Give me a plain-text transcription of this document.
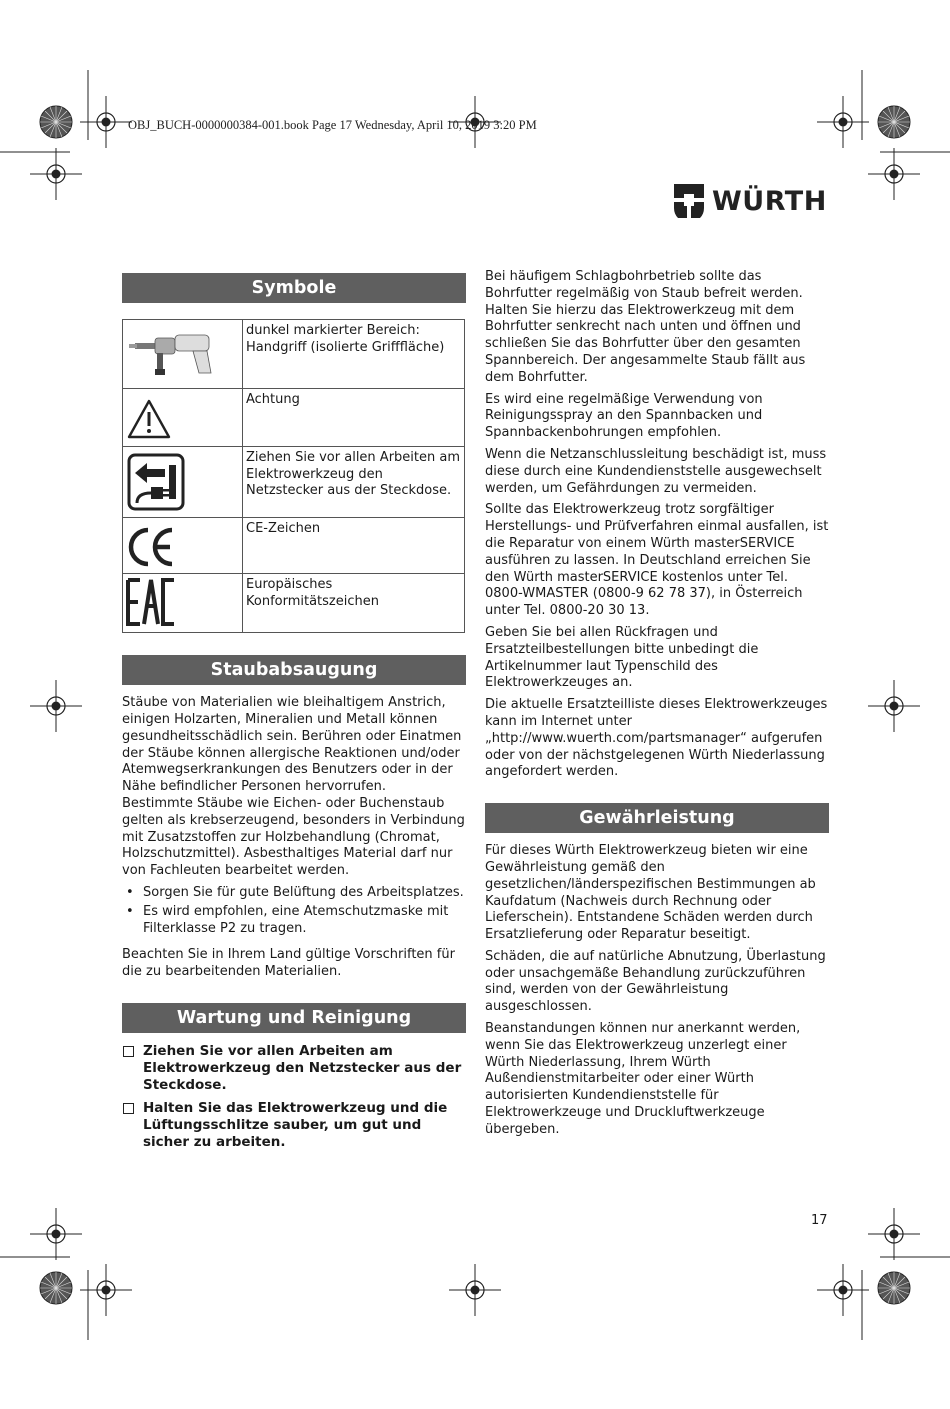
OBJ_BUCH-0000000384-001.book Page 17 Wednesday, April 10, 2019 3:20 PM
WÜRTH
Symbole
	dunkel markierter Bereich: Handgriff (isolierte Grifffläche)
	Achtung
	Ziehen Sie vor allen Arbeiten am Elektrowerkzeug den Netzstecker aus der Steckdose.
	CE-Zeichen
	Europäisches Konformitätszeichen
Staubabsaugung

Stäube von Materialien wie bleihaltigem Anstrich, einigen Holzarten, Mineralien und Metall können gesundheitsschädlich sein. Berühren oder Einatmen der Stäube können allergische Reaktionen und/oder Atemwegserkrankungen des Benutzers oder in der Nähe befindlicher Personen hervorrufen.

Bestimmte Stäube wie Eichen- oder Buchenstaub gelten als krebserzeugend, besonders in Verbindung mit Zusatzstoffen zur Holzbehandlung (Chromat, Holzschutzmittel). Asbesthaltiges Material darf nur von Fachleuten bearbeitet werden.

• Sorgen Sie für gute Belüftung des Arbeitsplatzes.
• Es wird empfohlen, eine Atemschutzmaske mit Filterklasse P2 zu tragen.

Beachten Sie in Ihrem Land gültige Vorschriften für die zu bearbeitenden Materialien.

Wartung und Reinigung
Ziehen Sie vor allen Arbeiten am Elektrowerkzeug den Netzstecker aus der Steckdose.
Halten Sie das Elektrowerkzeug und die Lüftungsschlitze sauber, um gut und sicher zu arbeiten.

Bei häufigem Schlagbohrbetrieb sollte das Bohrfutter regelmäßig von Staub befreit werden. Halten Sie hierzu das Elektrowerkzeug mit dem Bohrfutter senkrecht nach unten und öffnen und schließen Sie das Bohrfutter über den gesamten Spannbereich. Der angesammelte Staub fällt aus dem Bohrfutter.

Es wird eine regelmäßige Verwendung von Reinigungsspray an den Spannbacken und Spannbackenbohrungen empfohlen.

Wenn die Netzanschlussleitung beschädigt ist, muss diese durch eine Kundendienststelle ausgewechselt werden, um Gefährdungen zu vermeiden.

Sollte das Elektrowerkzeug trotz sorgfältiger Herstellungs- und Prüfverfahren einmal ausfallen, ist die Reparatur von einem Würth masterSERVICE ausführen zu lassen. In Deutschland erreichen Sie den Würth masterSERVICE kostenlos unter Tel. 0800-WMASTER (0800-9 62 78 37), in Österreich unter Tel. 0800-20 30 13.

Geben Sie bei allen Rückfragen und Ersatzteilbestellungen bitte unbedingt die Artikelnummer laut Typenschild des Elektrowerkzeuges an.

Die aktuelle Ersatzteilliste dieses Elektrowerkzeuges kann im Internet unter „http://www.wuerth.com/partsmanager“ aufgerufen oder von der nächstgelegenen Würth Niederlassung angefordert werden.

Gewährleistung

Für dieses Würth Elektrowerkzeug bieten wir eine Gewährleistung gemäß den gesetzlichen/länderspezifischen Bestimmungen ab Kaufdatum (Nachweis durch Rechnung oder Lieferschein). Entstandene Schäden werden durch Ersatzlieferung oder Reparatur beseitigt.

Schäden, die auf natürliche Abnutzung, Überlastung oder unsachgemäße Behandlung zurückzuführen sind, werden von der Gewährleistung ausgeschlossen.

Beanstandungen können nur anerkannt werden, wenn Sie das Elektrowerkzeug unzerlegt einer Würth Niederlassung, Ihrem Würth Außendienstmitarbeiter oder einer Würth autorisierten Kundendienststelle für Elektrowerkzeuge und Druckluftwerkzeuge übergeben.

17
